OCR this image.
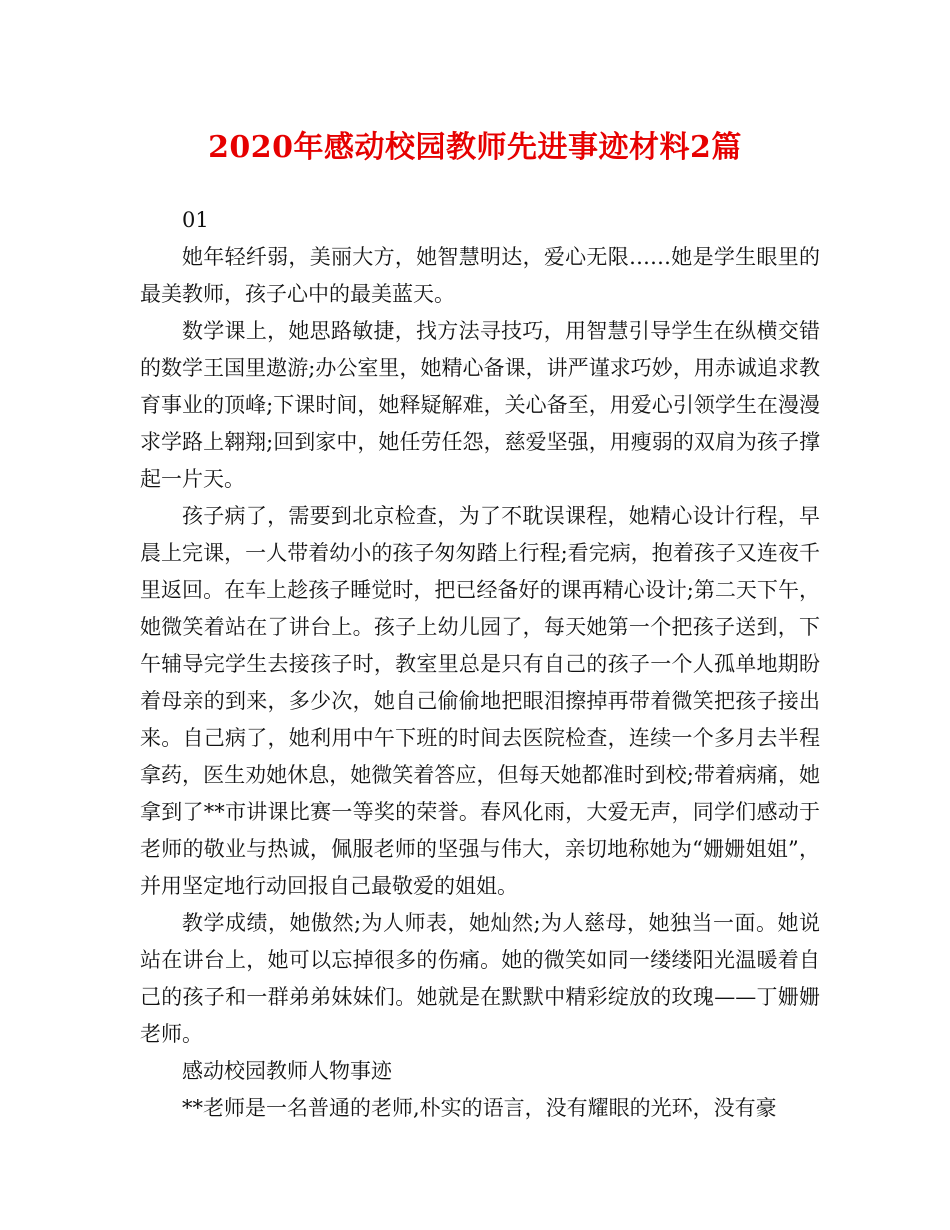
2020年感动校园教师先进事迹材料2篇

01

她年轻纤弱，美丽大方，她智慧明达，爱心无限……她是学生眼里的最美教师，孩子心中的最美蓝天。

数学课上，她思路敏捷，找方法寻技巧，用智慧引导学生在纵横交错的数学王国里遨游;办公室里，她精心备课，讲严谨求巧妙，用赤诚追求教育事业的顶峰;下课时间，她释疑解难，关心备至，用爱心引领学生在漫漫求学路上翱翔;回到家中，她任劳任怨，慈爱坚强，用瘦弱的双肩为孩子撑起一片天。

孩子病了，需要到北京检查，为了不耽误课程，她精心设计行程，早晨上完课，一人带着幼小的孩子匆匆踏上行程;看完病，抱着孩子又连夜千里返回。在车上趁孩子睡觉时，把已经备好的课再精心设计;第二天下午，她微笑着站在了讲台上。孩子上幼儿园了，每天她第一个把孩子送到，下午辅导完学生去接孩子时，教室里总是只有自己的孩子一个人孤单地期盼着母亲的到来，多少次，她自己偷偷地把眼泪擦掉再带着微笑把孩子接出来。自己病了，她利用中午下班的时间去医院检查，连续一个多月去半程拿药，医生劝她休息，她微笑着答应，但每天她都准时到校;带着病痛，她拿到了**市讲课比赛一等奖的荣誉。春风化雨，大爱无声，同学们感动于老师的敬业与热诚，佩服老师的坚强与伟大，亲切地称她为“姗姗姐姐”，并用坚定地行动回报自己最敬爱的姐姐。

教学成绩，她傲然;为人师表，她灿然;为人慈母，她独当一面。她说站在讲台上，她可以忘掉很多的伤痛。她的微笑如同一缕缕阳光温暖着自己的孩子和一群弟弟妹妹们。她就是在默默中精彩绽放的玫瑰——丁姗姗老师。

感动校园教师人物事迹

**老师是一名普通的老师,朴实的语言，没有耀眼的光环，没有豪
